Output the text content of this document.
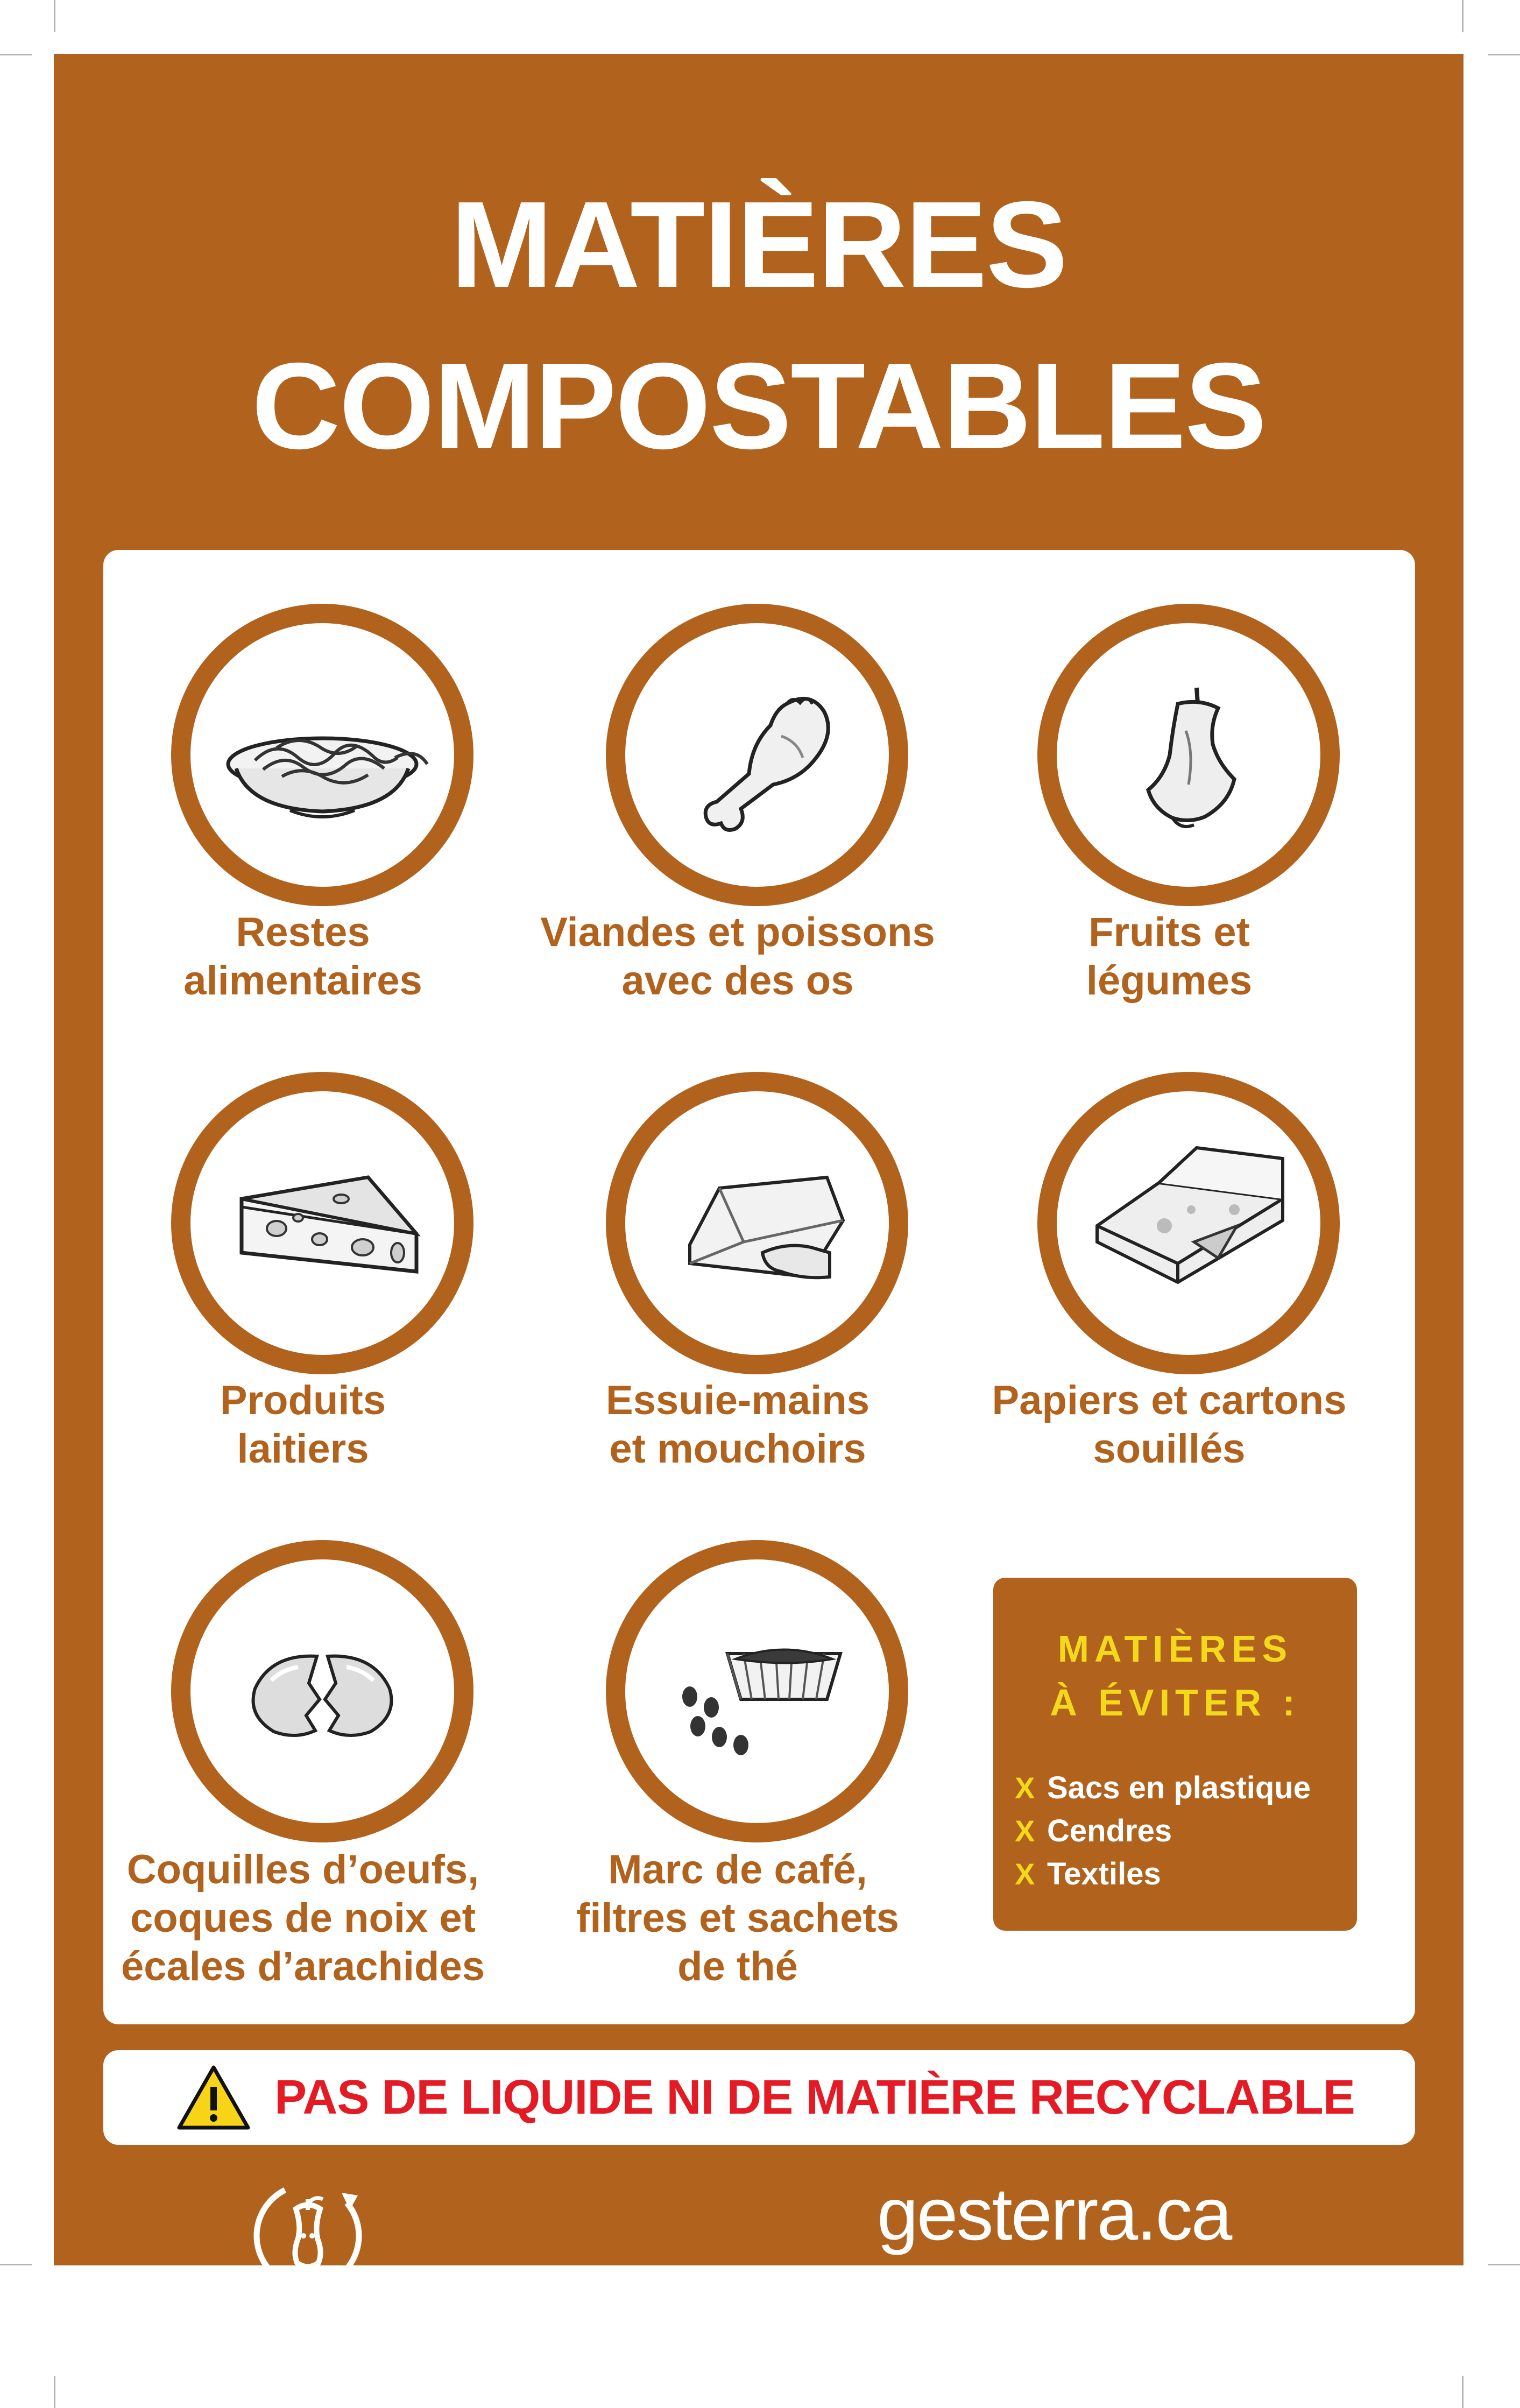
MATIÈRES
COMPOSTABLES
Restes
alimentaires
Viandes et poissons
avec des os
Fruits et
légumes
Produits
laitiers
Essuie-mains
et mouchoirs
Papiers et cartons
souillés
Coquilles d’oeufs,
coques de noix et
écales d’arachides
Marc de café,
filtres et sachets
de thé
MATIÈRES
À ÉVITER :
X Sacs en plastique
X Cendres
X Textiles
PAS DE LIQUIDE NI DE MATIÈRE RECYCLABLE
gesterra.ca
